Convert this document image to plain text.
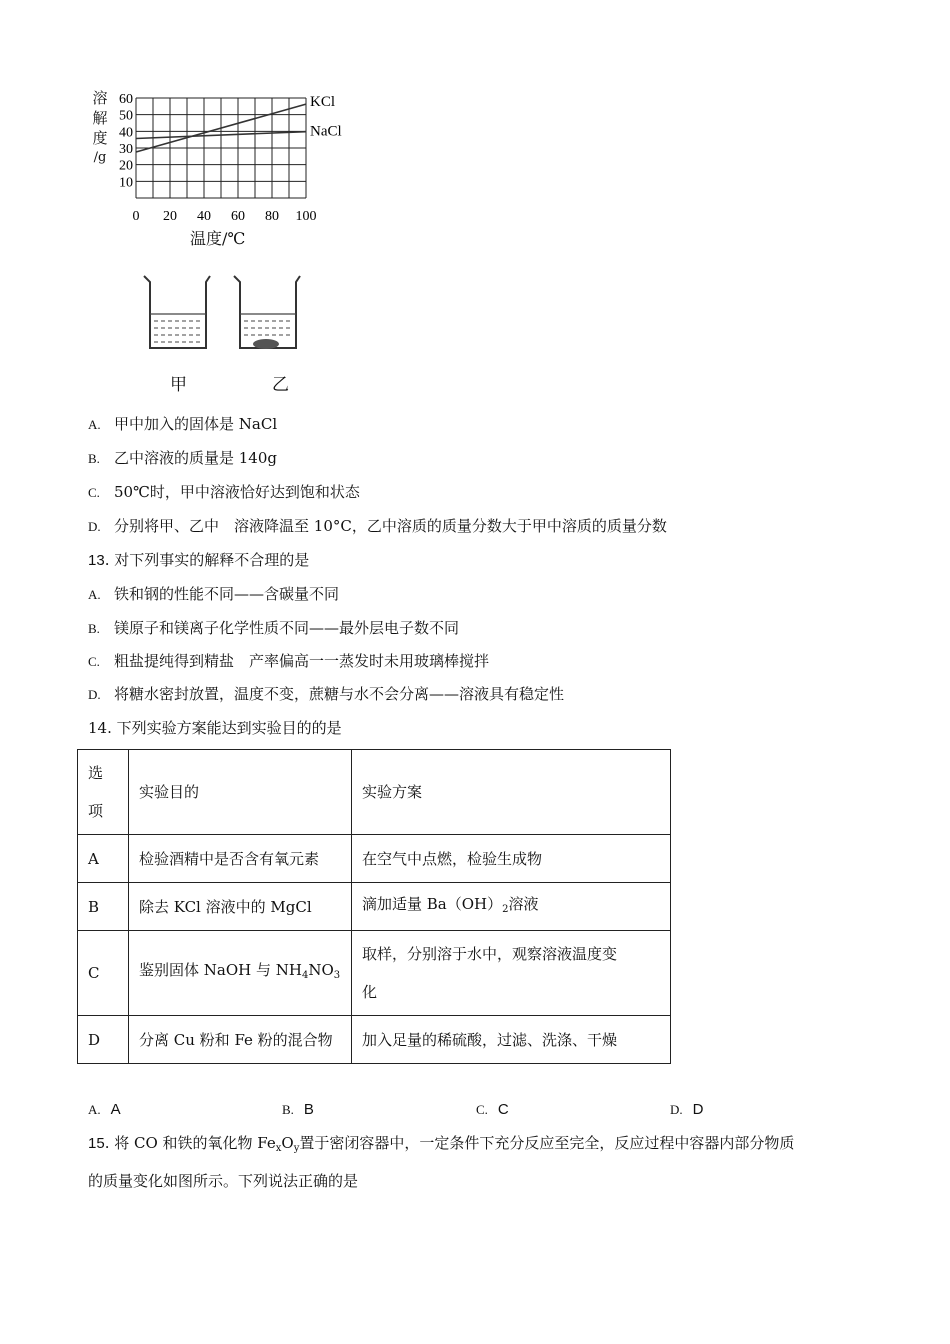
60
50
40
30
20
10
0 20 40 60 80 100
KCl
NaCl
溶
解
度
/g
温度/℃
甲	乙
A. 甲中加入的固体是 NaCl
B. 乙中溶液的质量是 140g
C. 50℃时，甲中溶液恰好达到饱和状态
D. 分别将甲、乙中　溶液降温至 10°C，乙中溶质的质量分数大于甲中溶质的质量分数
13. 对下列事实的解释不合理的是
A. 铁和钢的性能不同——含碳量不同
B. 镁原子和镁离子化学性质不同——最外层电子数不同
C. 粗盐提纯得到精盐　产率偏高一一蒸发时未用玻璃棒搅拌
D. 将糖水密封放置，温度不变，蔗糖与水不会分离——溶液具有稳定性
14. 下列实验方案能达到实验目的的是
选
项	实验目的	实验方案
A	检验酒精中是否含有氧元素	在空气中点燃，检验生成物
B	除去 KCl 溶液中的 MgCl	滴加适量 $Ba(OH)_2$溶液
C	鉴别固体 NaOH 与 $NH_4NO_3$	取样，分别溶于水中，观察溶液温度变
化

D	分离 Cu 粉和 Fe 粉的混合物	加入足量的稀硫酸，过滤、洗涤、干燥
A. A	B. B	C. C	D. D
15. 将 CO 和铁的氧化物 $Fe_xO_y$置于密闭容器中，一定条件下充分反应至完全，反应过程中容器内部分物质
的质量变化如图所示。下列说法正确的是
